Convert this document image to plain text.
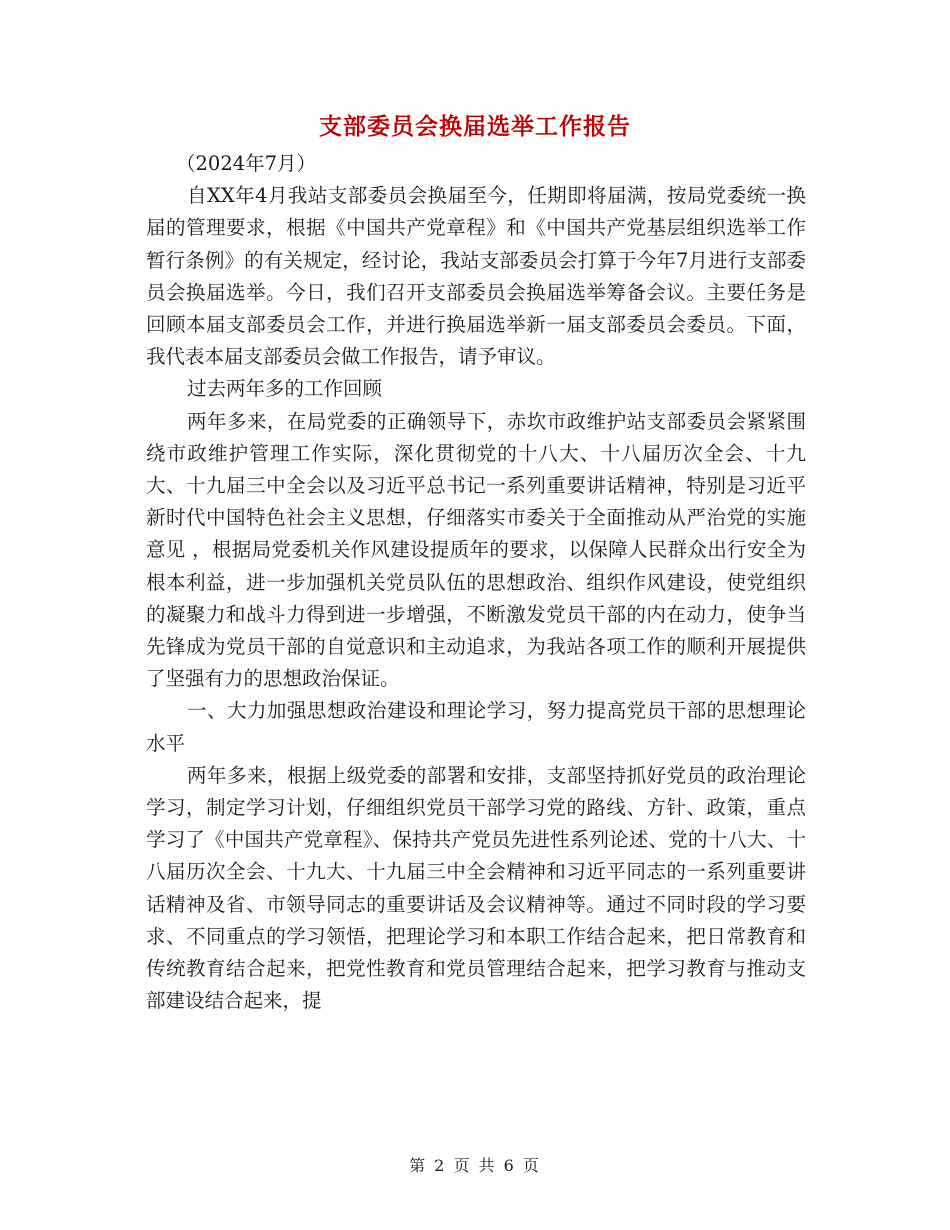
支部委员会换届选举工作报告

（2024年7月）

自XX年4月我站支部委员会换届至今，任期即将届满，按局党委统一换届的管理要求，根据《中国共产党章程》和《中国共产党基层组织选举工作暂行条例》的有关规定，经讨论，我站支部委员会打算于今年7月进行支部委员会换届选举。今日，我们召开支部委员会换届选举筹备会议。主要任务是回顾本届支部委员会工作，并进行换届选举新一届支部委员会委员。下面，我代表本届支部委员会做工作报告，请予审议。

过去两年多的工作回顾

两年多来，在局党委的正确领导下，赤坎市政维护站支部委员会紧紧围绕市政维护管理工作实际，深化贯彻党的十八大、十八届历次全会、十九大、十九届三中全会以及习近平总书记一系列重要讲话精神，特别是习近平新时代中国特色社会主义思想，仔细落实市委关于全面推动从严治党的实施意见 ，根据局党委机关作风建设提质年的要求，以保障人民群众出行安全为根本利益，进一步加强机关党员队伍的思想政治、组织作风建设，使党组织的凝聚力和战斗力得到进一步增强，不断激发党员干部的内在动力，使争当先锋成为党员干部的自觉意识和主动追求，为我站各项工作的顺利开展提供了坚强有力的思想政治保证。

一、大力加强思想政治建设和理论学习，努力提高党员干部的思想理论水平

两年多来，根据上级党委的部署和安排，支部坚持抓好党员的政治理论学习，制定学习计划，仔细组织党员干部学习党的路线、方针、政策，重点学习了《中国共产党章程》、保持共产党员先进性系列论述、党的十八大、十八届历次全会、十九大、十九届三中全会精神和习近平同志的一系列重要讲话精神及省、市领导同志的重要讲话及会议精神等。通过不同时段的学习要求、不同重点的学习领悟，把理论学习和本职工作结合起来，把日常教育和传统教育结合起来，把党性教育和党员管理结合起来，把学习教育与推动支部建设结合起来，提

第 2 页 共 6 页
